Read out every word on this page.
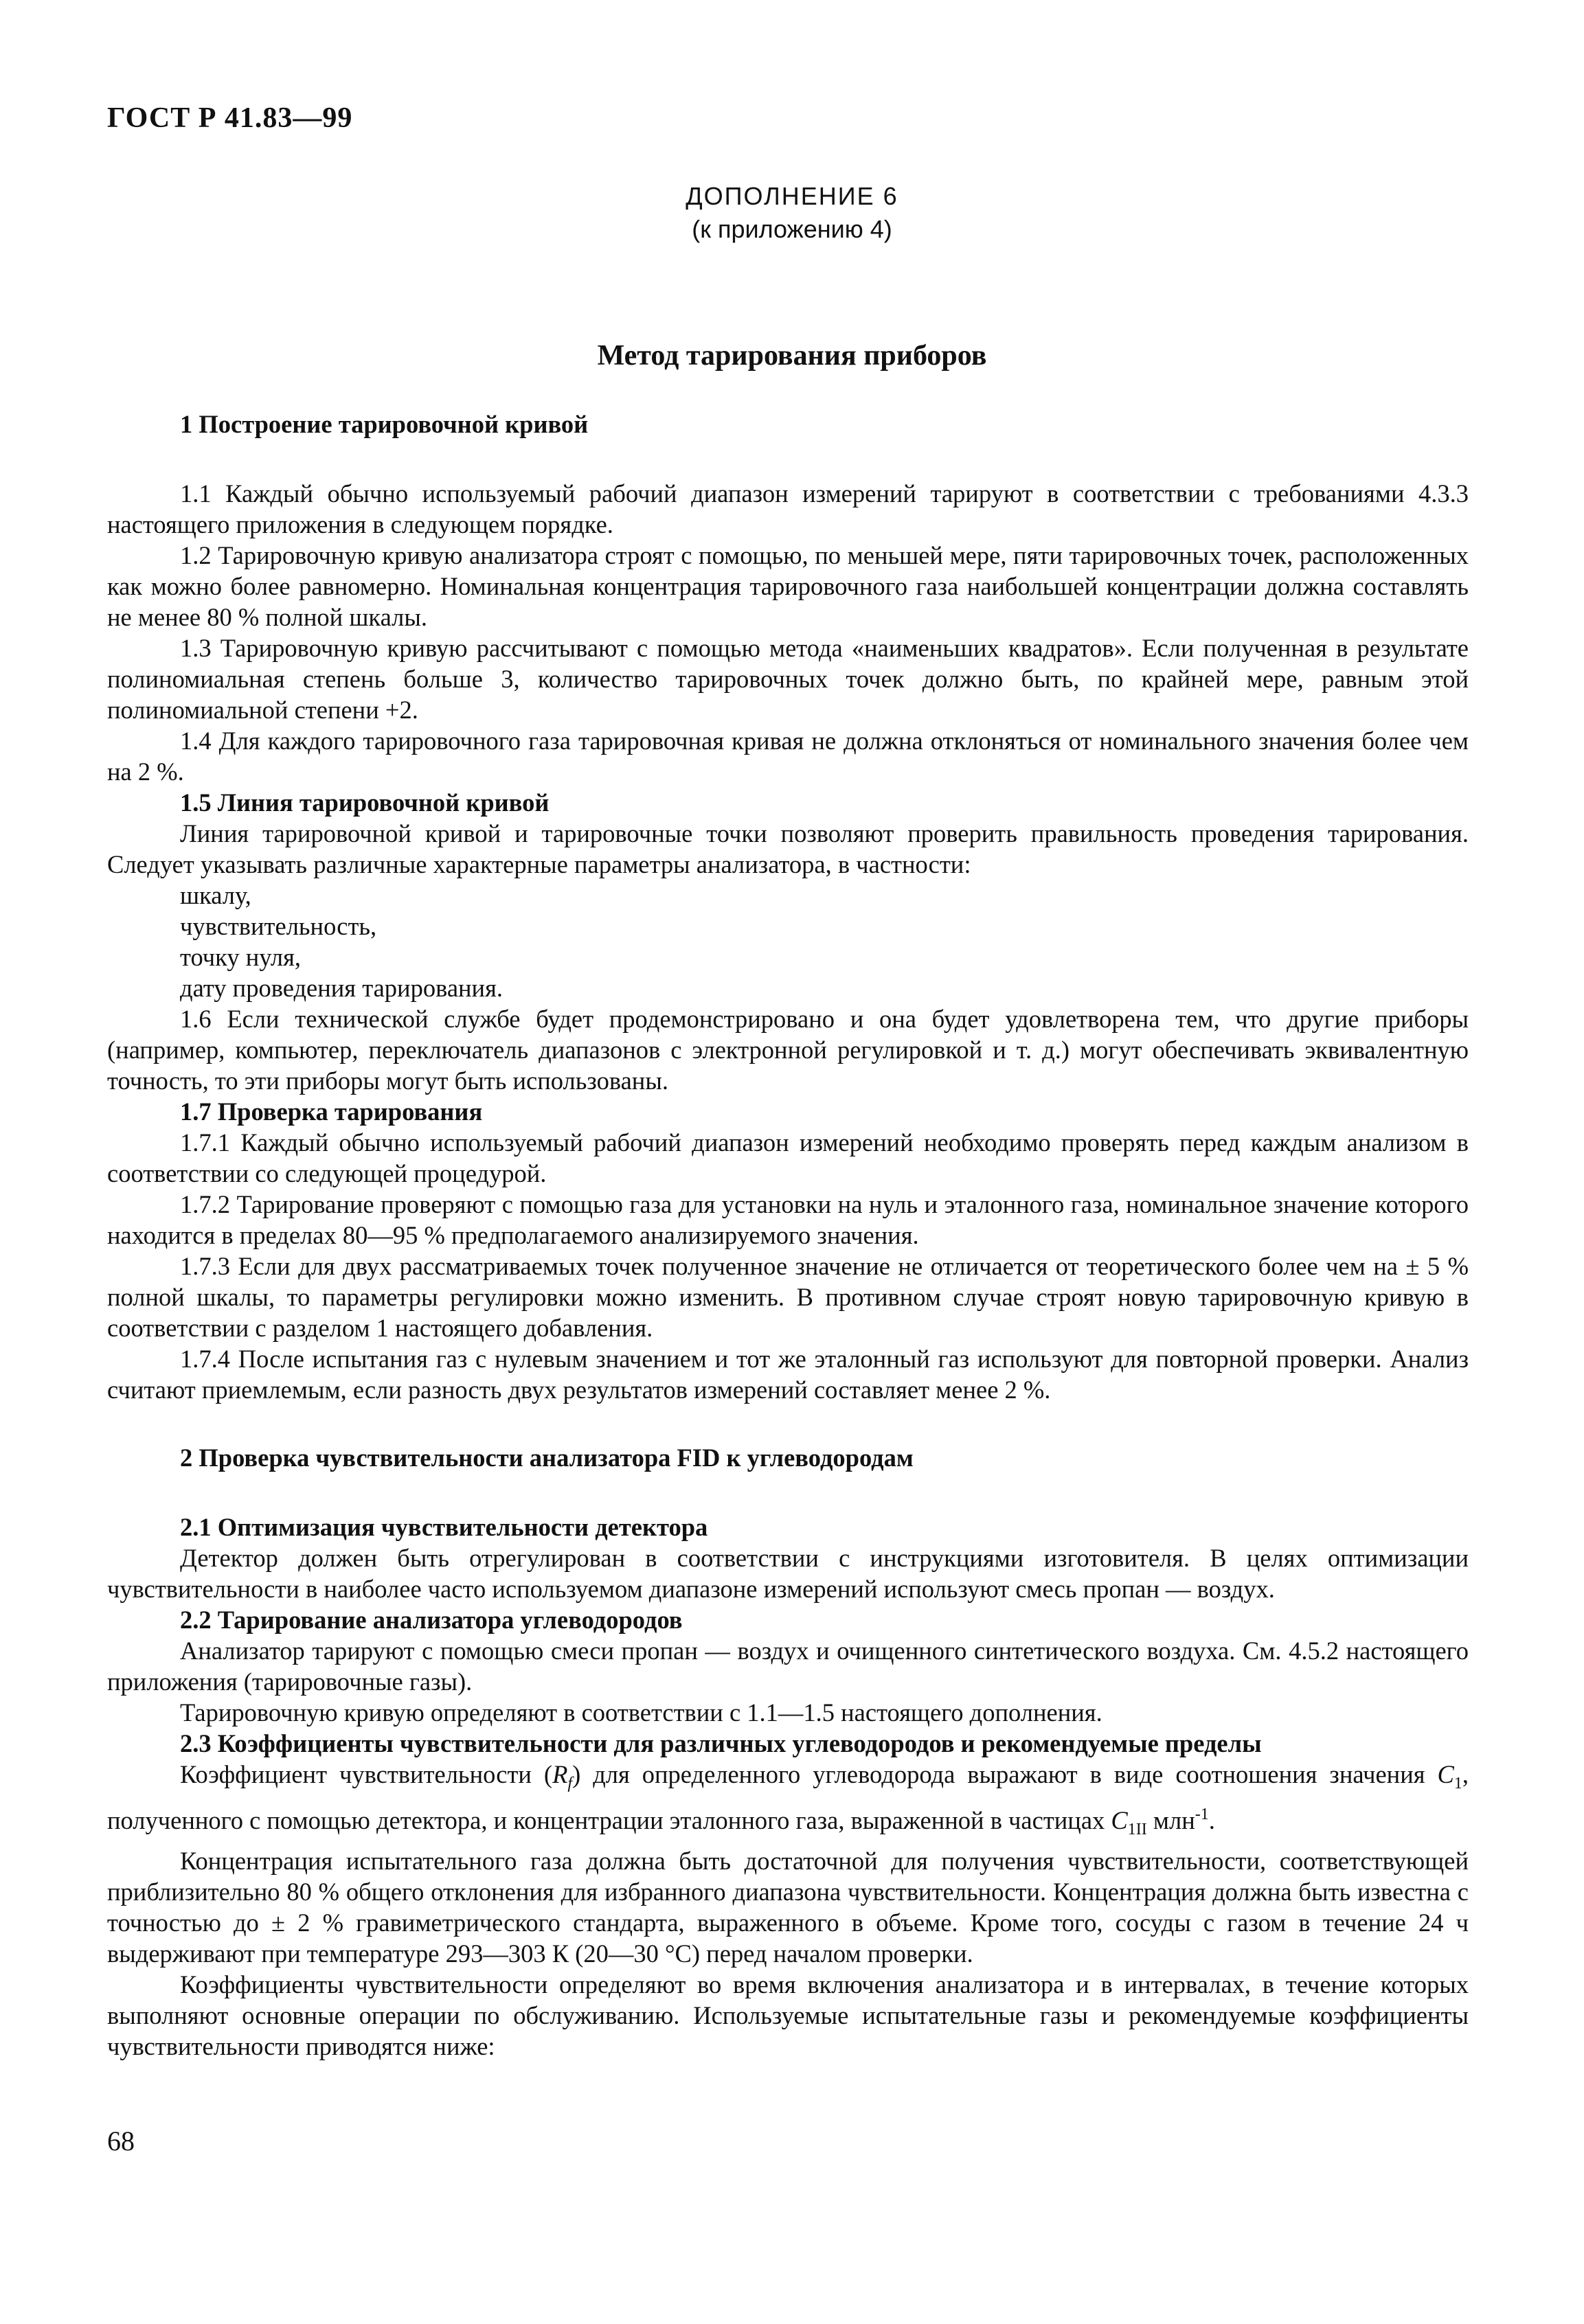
ГОСТ Р 41.83—99
ДОПОЛНЕНИЕ 6
(к приложению 4)
Метод тарирования приборов

1 Построение тарировочной кривой

1.1 Каждый обычно используемый рабочий диапазон измерений тарируют в соответствии с требованиями 4.3.3 настоящего приложения в следующем порядке.

1.2 Тарировочную кривую анализатора строят с помощью, по меньшей мере, пяти тарировочных точек, расположенных как можно более равномерно. Номинальная концентрация тарировочного газа наибольшей концентрации должна составлять не менее 80 % полной шкалы.

1.3 Тарировочную кривую рассчитывают с помощью метода «наименьших квадратов». Если полученная в результате полиномиальная степень больше 3, количество тарировочных точек должно быть, по крайней мере, равным этой полиномиальной степени +2.

1.4 Для каждого тарировочного газа тарировочная кривая не должна отклоняться от номинального значения более чем на 2 %.

1.5 Линия тарировочной кривой

Линия тарировочной кривой и тарировочные точки позволяют проверить правильность проведения тарирования. Следует указывать различные характерные параметры анализатора, в частности:

шкалу,

чувствительность,

точку нуля,

дату проведения тарирования.

1.6 Если технической службе будет продемонстрировано и она будет удовлетворена тем, что другие приборы (например, компьютер, переключатель диапазонов с электронной регулировкой и т. д.) могут обеспечивать эквивалентную точность, то эти приборы могут быть использованы.

1.7 Проверка тарирования

1.7.1 Каждый обычно используемый рабочий диапазон измерений необходимо проверять перед каждым анализом в соответствии со следующей процедурой.

1.7.2 Тарирование проверяют с помощью газа для установки на нуль и эталонного газа, номинальное значение которого находится в пределах 80—95 % предполагаемого анализируемого значения.

1.7.3 Если для двух рассматриваемых точек полученное значение не отличается от теоретического более чем на ± 5 % полной шкалы, то параметры регулировки можно изменить. В противном случае строят новую тарировочную кривую в соответствии с разделом 1 настоящего добавления.

1.7.4 После испытания газ с нулевым значением и тот же эталонный газ используют для повторной проверки. Анализ считают приемлемым, если разность двух результатов измерений составляет менее 2 %.

2 Проверка чувствительности анализатора FID к углеводородам

2.1 Оптимизация чувствительности детектора

Детектор должен быть отрегулирован в соответствии с инструкциями изготовителя. В целях оптимизации чувствительности в наиболее часто используемом диапазоне измерений используют смесь пропан — воздух.

2.2 Тарирование анализатора углеводородов

Анализатор тарируют с помощью смеси пропан — воздух и очищенного синтетического воздуха. См. 4.5.2 настоящего приложения (тарировочные газы).

Тарировочную кривую определяют в соответствии с 1.1—1.5 настоящего дополнения.

2.3 Коэффициенты чувствительности для различных углеводородов и рекомендуемые пределы

Коэффициент чувствительности $(R_f)$ для определенного углеводорода выражают в виде соотношения значения $C_1$, полученного с помощью детектора, и концентрации эталонного газа, выраженной в частицах $C_{1II}$ млн$^{-1}$.

Концентрация испытательного газа должна быть достаточной для получения чувствительности, соответствующей приблизительно 80 % общего отклонения для избранного диапазона чувствительности. Концентрация должна быть известна с точностью до ± 2 % гравиметрического стандарта, выраженного в объеме. Кроме того, сосуды с газом в течение 24 ч выдерживают при температуре 293—303 К (20—30 °С) перед началом проверки.

Коэффициенты чувствительности определяют во время включения анализатора и в интервалах, в течение которых выполняют основные операции по обслуживанию. Используемые испытательные газы и рекомендуемые коэффициенты чувствительности приводятся ниже:

68
